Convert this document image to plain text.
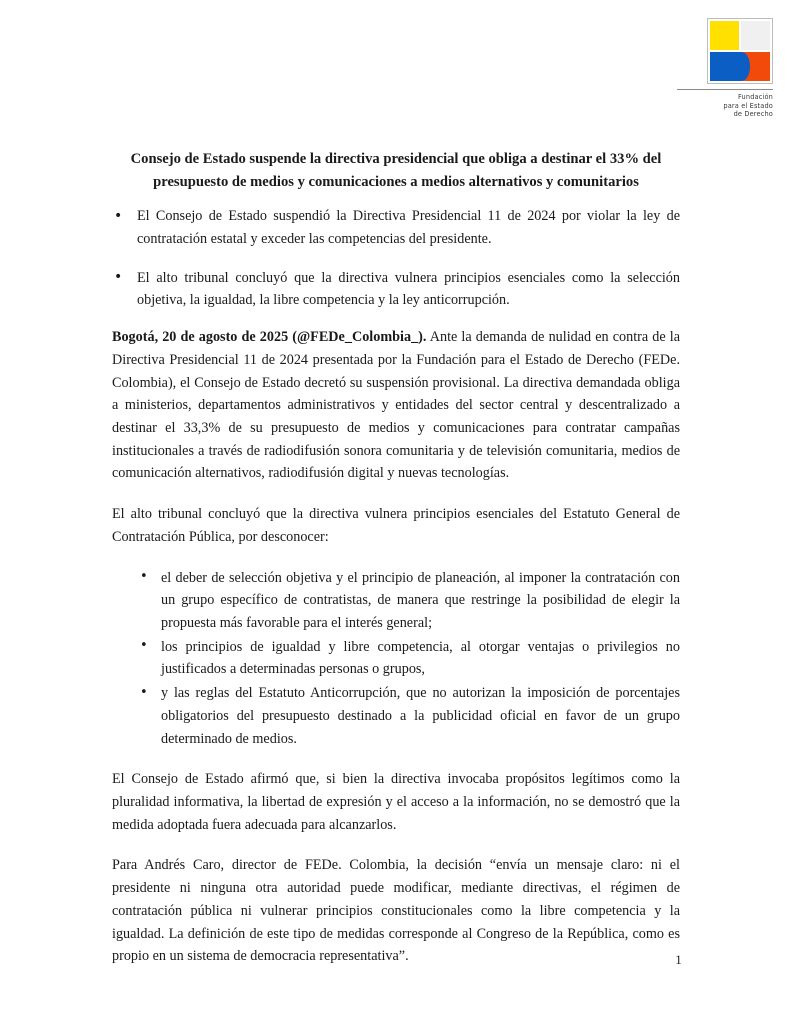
Fundación
para el Estado
de Derecho
Consejo de Estado suspende la directiva presidencial que obliga a destinar el 33% del presupuesto de medios y comunicaciones a medios alternativos y comunitarios
• El Consejo de Estado suspendió la Directiva Presidencial 11 de 2024 por violar la ley de contratación estatal y exceder las competencias del presidente.
• El alto tribunal concluyó que la directiva vulnera principios esenciales como la selección objetiva, la igualdad, la libre competencia y la ley anticorrupción.

Bogotá, 20 de agosto de 2025 (@FEDe_Colombia_). Ante la demanda de nulidad en contra de la Directiva Presidencial 11 de 2024 presentada por la Fundación para el Estado de Derecho (FEDe. Colombia), el Consejo de Estado decretó su suspensión provisional. La directiva demandada obliga a ministerios, departamentos administrativos y entidades del sector central y descentralizado a destinar el 33,3% de su presupuesto de medios y comunicaciones para contratar campañas institucionales a través de radiodifusión sonora comunitaria y de televisión comunitaria, medios de comunicación alternativos, radiodifusión digital y nuevas tecnologías.

El alto tribunal concluyó que la directiva vulnera principios esenciales del Estatuto General de Contratación Pública, por desconocer:

• el deber de selección objetiva y el principio de planeación, al imponer la contratación con un grupo específico de contratistas, de manera que restringe la posibilidad de elegir la propuesta más favorable para el interés general;
• los principios de igualdad y libre competencia, al otorgar ventajas o privilegios no justificados a determinadas personas o grupos,
• y las reglas del Estatuto Anticorrupción, que no autorizan la imposición de porcentajes obligatorios del presupuesto destinado a la publicidad oficial en favor de un grupo determinado de medios.

El Consejo de Estado afirmó que, si bien la directiva invocaba propósitos legítimos como la pluralidad informativa, la libertad de expresión y el acceso a la información, no se demostró que la medida adoptada fuera adecuada para alcanzarlos.

Para Andrés Caro, director de FEDe. Colombia, la decisión “envía un mensaje claro: ni el presidente ni ninguna otra autoridad puede modificar, mediante directivas, el régimen de contratación pública ni vulnerar principios constitucionales como la libre competencia y la igualdad. La definición de este tipo de medidas corresponde al Congreso de la República, como es propio en un sistema de democracia representativa”.	1
